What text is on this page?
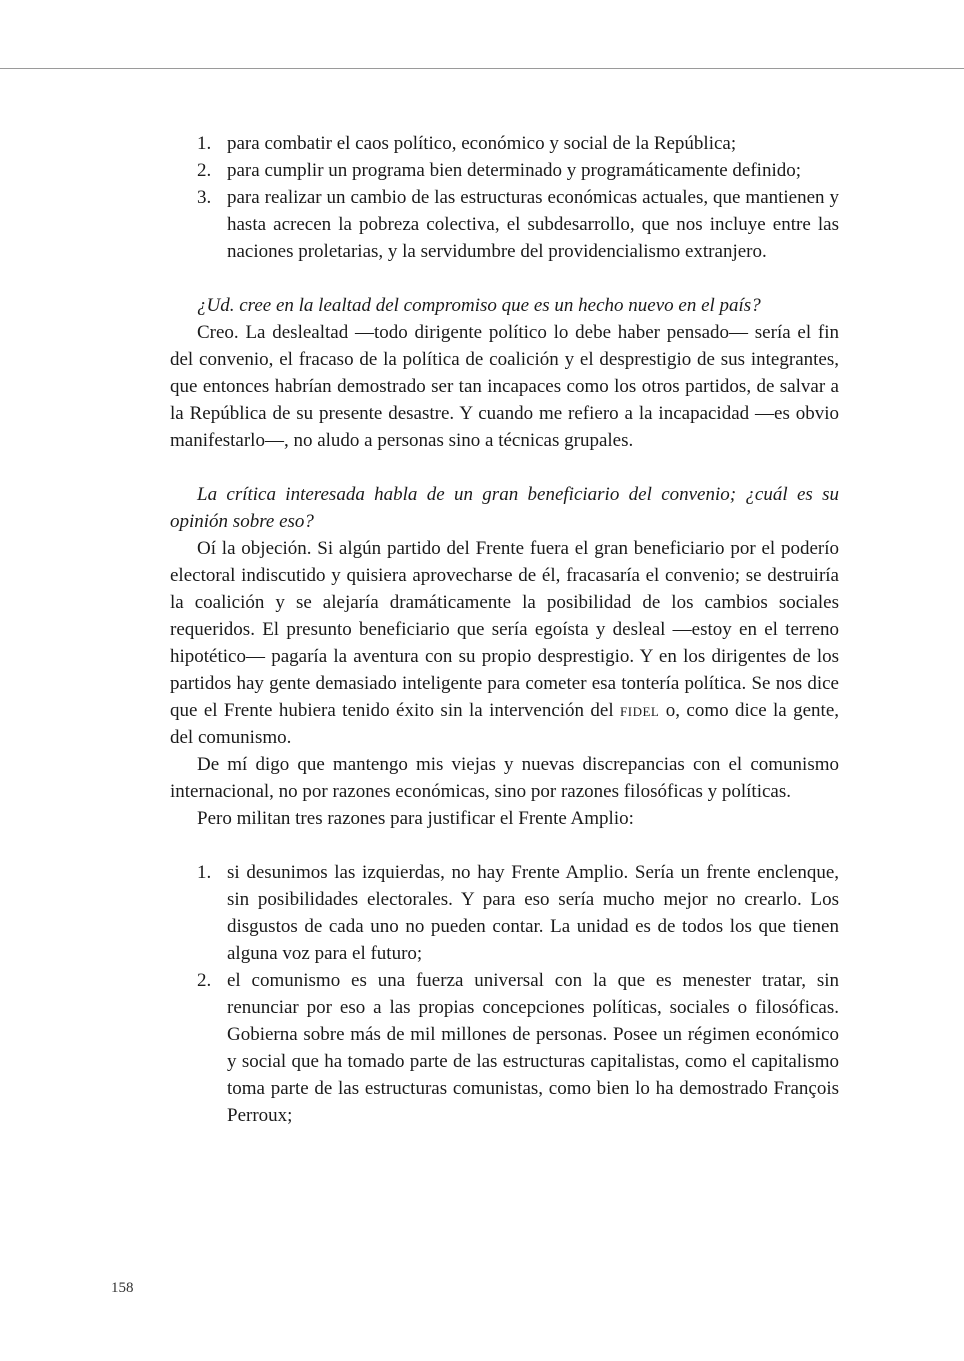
1. para combatir el caos político, económico y social de la República;
2. para cumplir un programa bien determinado y programáticamente definido;
3. para realizar un cambio de las estructuras económicas actuales, que mantienen y hasta acrecen la pobreza colectiva, el subdesarrollo, que nos incluye entre las naciones proletarias, y la servidumbre del providencialismo extranjero.

¿Ud. cree en la lealtad del compromiso que es un hecho nuevo en el país?

Creo. La deslealtad —todo dirigente político lo debe haber pensado— sería el fin del convenio, el fracaso de la política de coalición y el desprestigio de sus integrantes, que entonces habrían demostrado ser tan incapaces como los otros partidos, de salvar a la República de su presente desastre. Y cuando me refiero a la incapacidad —es obvio manifestarlo—, no aludo a personas sino a técnicas grupales.

La crítica interesada habla de un gran beneficiario del convenio; ¿cuál es su opinión sobre eso?

Oí la objeción. Si algún partido del Frente fuera el gran beneficiario por el poderío electoral indiscutido y quisiera aprovecharse de él, fracasaría el convenio; se destruiría la coalición y se alejaría dramáticamente la posibilidad de los cambios sociales requeridos. El presunto beneficiario que sería egoísta y desleal —estoy en el terreno hipotético— pagaría la aventura con su propio desprestigio. Y en los dirigentes de los partidos hay gente demasiado inteligente para cometer esa tontería política. Se nos dice que el Frente hubiera tenido éxito sin la intervención del fidel o, como dice la gente, del comunismo.

De mí digo que mantengo mis viejas y nuevas discrepancias con el comunismo internacional, no por razones económicas, sino por razones filosóficas y políticas.

Pero militan tres razones para justificar el Frente Amplio:

1. si desunimos las izquierdas, no hay Frente Amplio. Sería un frente enclenque, sin posibilidades electorales. Y para eso sería mucho mejor no crearlo. Los disgustos de cada uno no pueden contar. La unidad es de todos los que tienen alguna voz para el futuro;
2. el comunismo es una fuerza universal con la que es menester tratar, sin renunciar por eso a las propias concepciones políticas, sociales o filosóficas. Gobierna sobre más de mil millones de personas. Posee un régimen económico y social que ha tomado parte de las estructuras capitalistas, como el capitalismo toma parte de las estructuras comunistas, como bien lo ha demostrado François Perroux;
158
